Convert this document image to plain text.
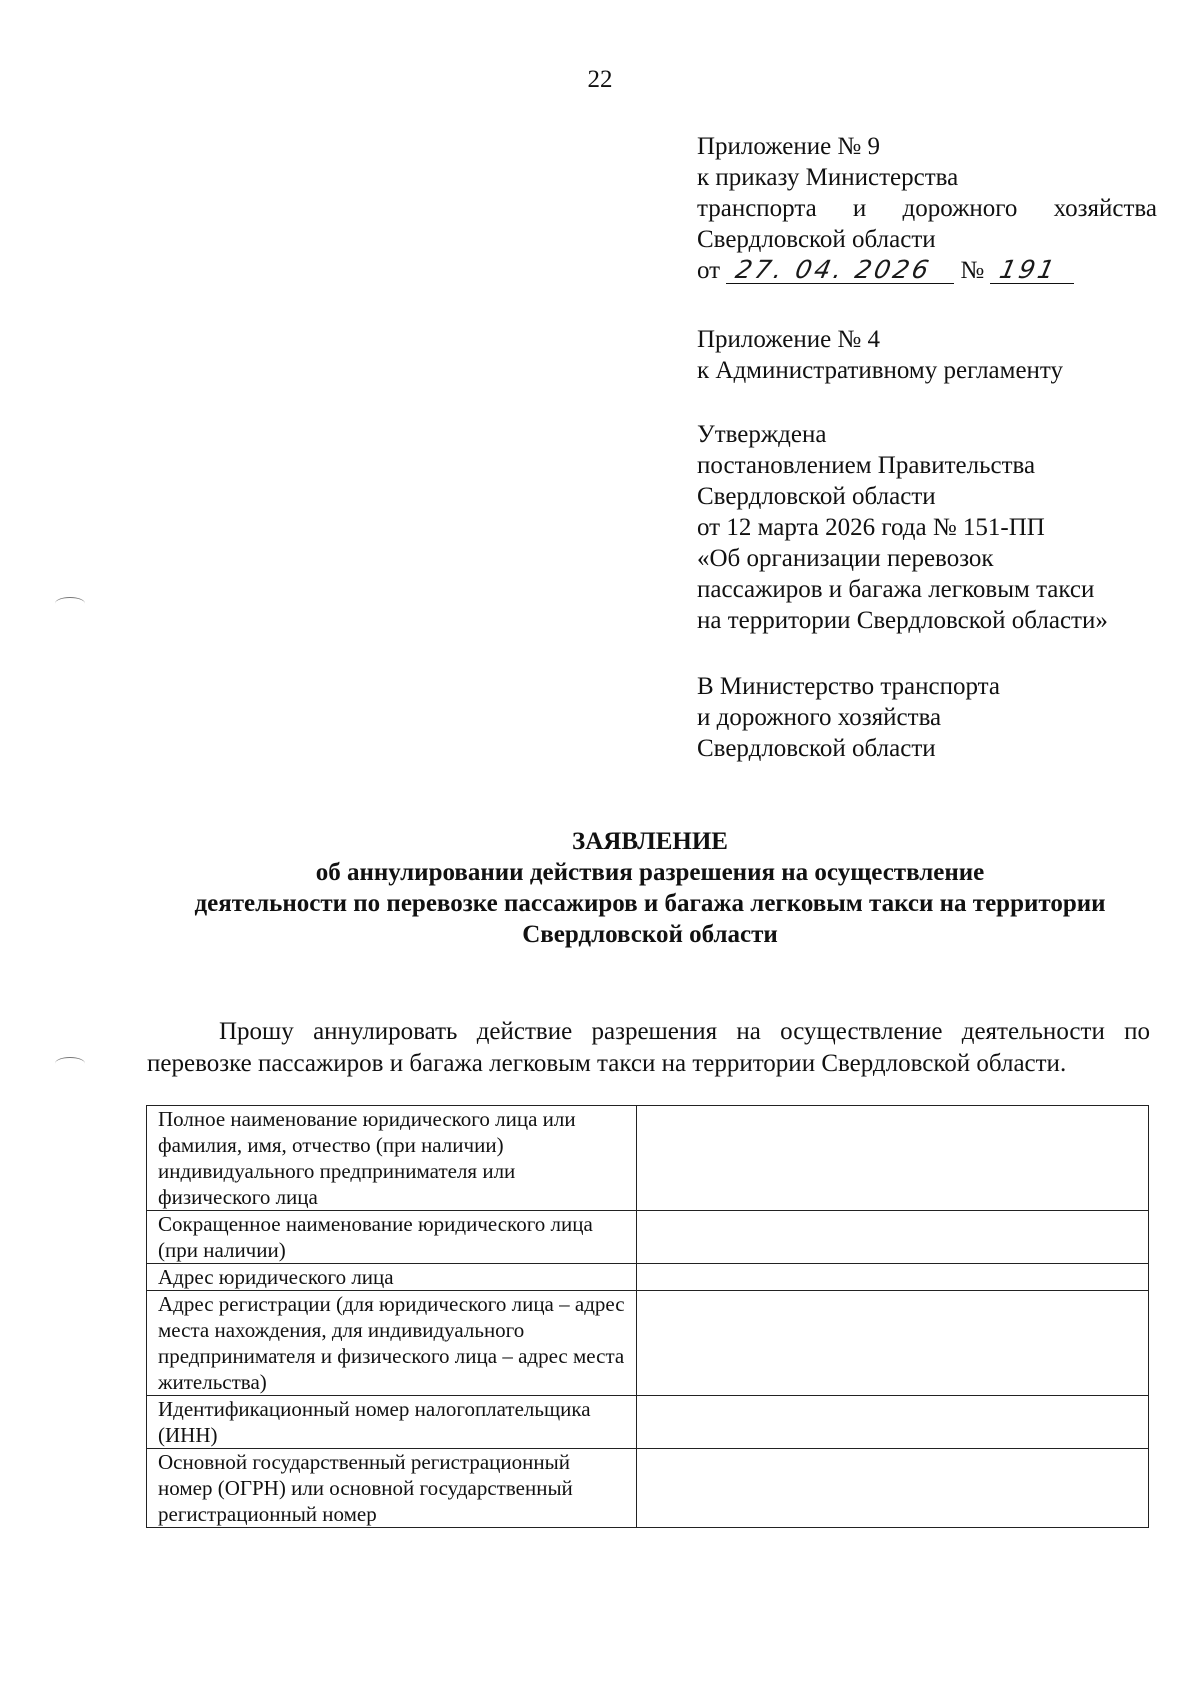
22
Приложение № 9
к приказу Министерства
транспорта и дорожного хозяйства
Свердловской области
от 27. 04. 2026 № 191
Приложение № 4
к Административному регламенту
Утверждена
постановлением Правительства
Свердловской области
от 12 марта 2026 года № 151-ПП
«Об организации перевозок
пассажиров и багажа легковым такси
на территории Свердловской области»
В Министерство транспорта
и дорожного хозяйства
Свердловской области
ЗАЯВЛЕНИЕ
об аннулировании действия разрешения на осуществление
деятельности по перевозке пассажиров и багажа легковым такси на территории
Свердловской области
Прошу аннулировать действие разрешения на осуществление деятельности по перевозке пассажиров и багажа легковым такси на территории Свердловской области.
Полное наименование юридического лица или фамилия, имя, отчество (при наличии) индивидуального предпринимателя или физического лица	
Сокращенное наименование юридического лица (при наличии)	
Адрес юридического лица	
Адрес регистрации (для юридического лица – адрес места нахождения, для индивидуального предпринимателя и физического лица – адрес места жительства)	
Идентификационный номер налогоплательщика (ИНН)	
Основной государственный регистрационный номер (ОГРН) или основной государственный регистрационный номер	
